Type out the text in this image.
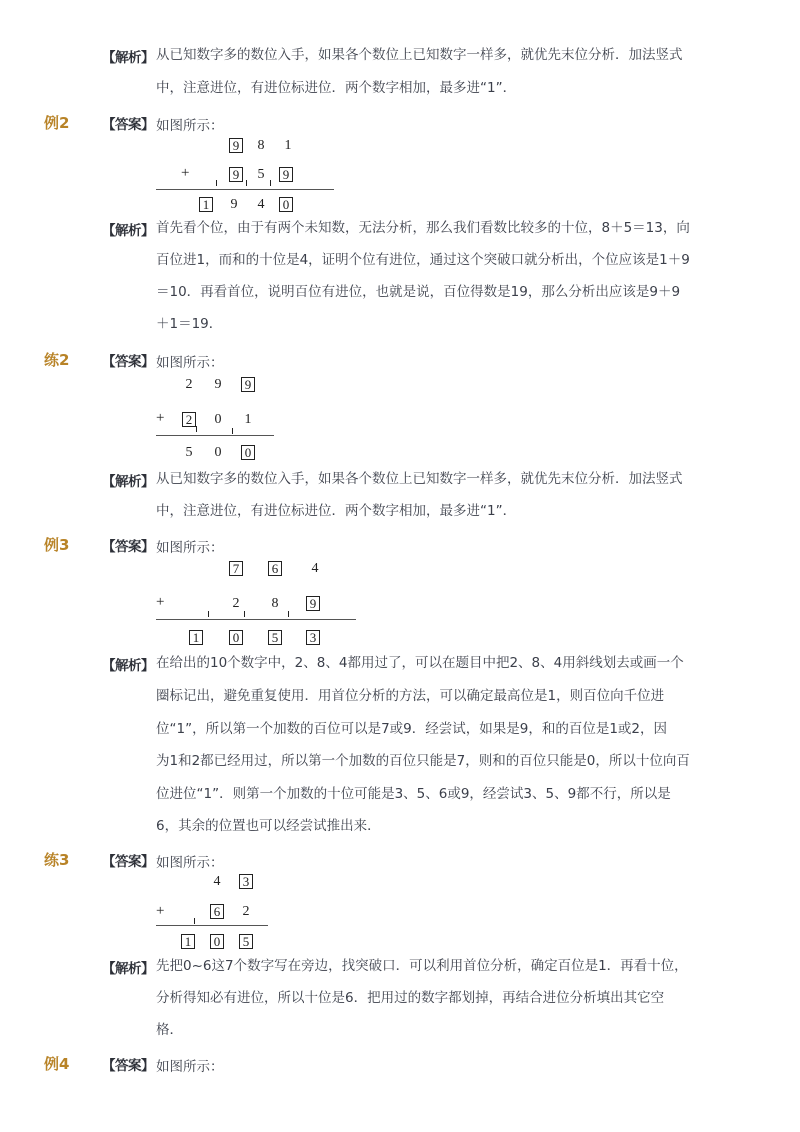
【解析】 从已知数字多的数位入手，如果各个数位上已知数字一样多，就优先末位分析．加法竖式
中，注意进位，有进位标进位．两个数字相加，最多进“1”．
例2 【答案】 如图所示：
9 8 1
+	9 5 9
1 9 4 0
【解析】 首先看个位，由于有两个未知数，无法分析，那么我们看数比较多的十位，8＋5＝13，向
百位进1，而和的十位是4，证明个位有进位，通过这个突破口就分析出，个位应该是1＋9
＝10．再看首位，说明百位有进位，也就是说，百位得数是19，那么分析出应该是9＋9
＋1＝19．
练2 【答案】 如图所示：
2 9 9
+ 2 0 1
5 0 0
【解析】 从已知数字多的数位入手，如果各个数位上已知数字一样多，就优先末位分析．加法竖式
中，注意进位，有进位标进位．两个数字相加，最多进“1”．
例3 【答案】 如图所示：
7	6 4
+	2 8 9
1	0	5 3
【解析】 在给出的10个数字中，2、8、4都用过了，可以在题目中把2、8、4用斜线划去或画一个
圈标记出，避免重复使用．用首位分析的方法，可以确定最高位是1，则百位向千位进
位“1”，所以第一个加数的百位可以是7或9．经尝试，如果是9，和的百位是1或2，因
为1和2都已经用过，所以第一个加数的百位只能是7，则和的百位只能是0，所以十位向百
位进位“1”．则第一个加数的十位可能是3、5、6或9，经尝试3、5、9都不行，所以是
6，其余的位置也可以经尝试推出来．
练3 【答案】 如图所示：
4 3
+	6 2
1 0 5
【解析】 先把0~6这7个数字写在旁边，找突破口．可以利用首位分析，确定百位是1．再看十位，
分析得知必有进位，所以十位是6．把用过的数字都划掉，再结合进位分析填出其它空
格．
例4 【答案】 如图所示：
